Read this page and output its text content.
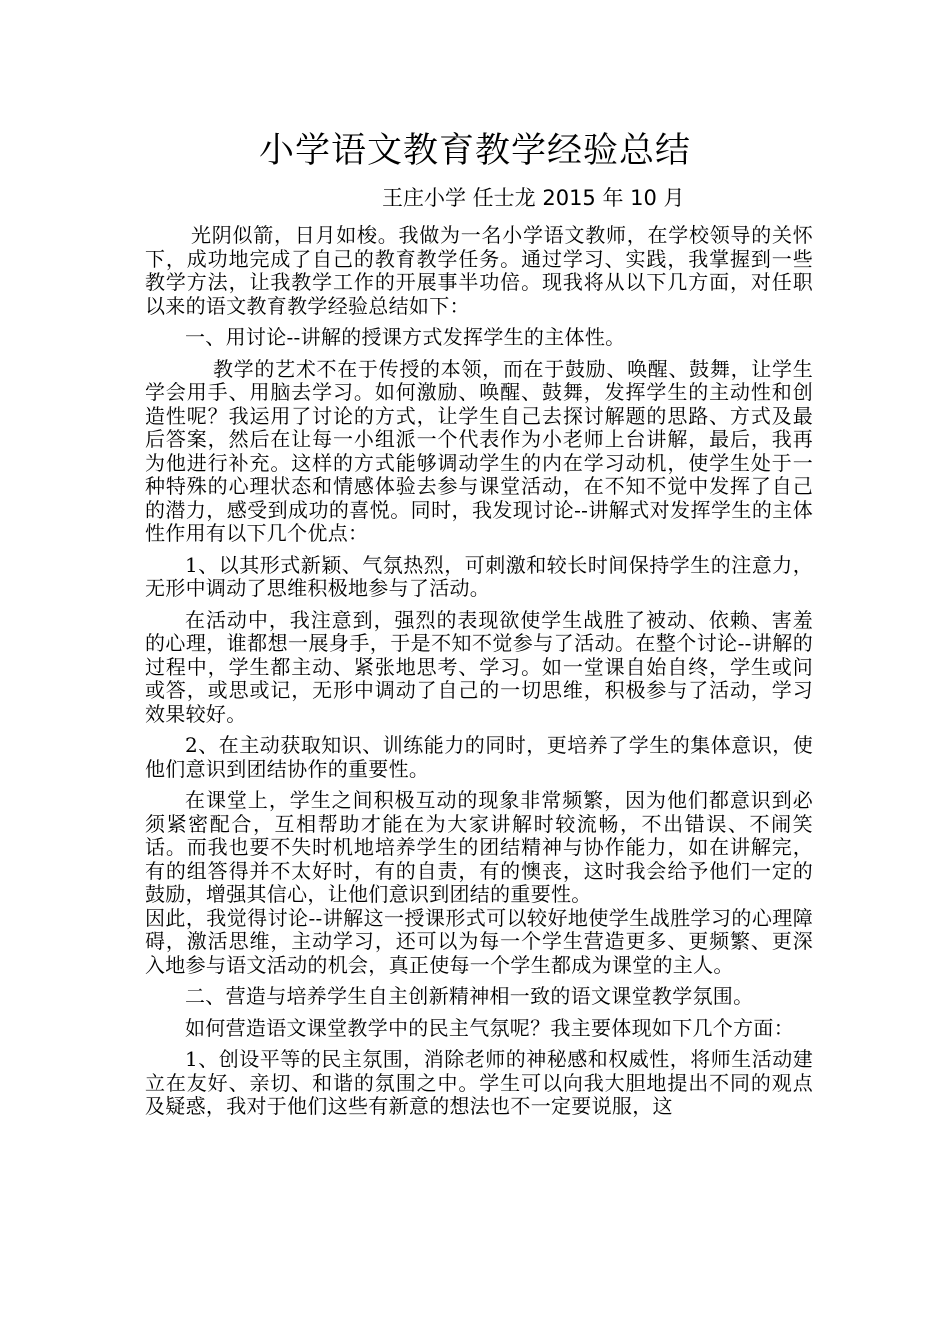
小学语文教育教学经验总结
王庄小学 任士龙 2015 年 10 月

光阴似箭，日月如梭。我做为一名小学语文教师，在学校领导的关怀下，成功地完成了自己的教育教学任务。通过学习、实践，我掌握到一些教学方法，让我教学工作的开展事半功倍。现我将从以下几方面，对任职以来的语文教育教学经验总结如下：

一、用讨论--讲解的授课方式发挥学生的主体性。

教学的艺术不在于传授的本领，而在于鼓励、唤醒、鼓舞，让学生学会用手、用脑去学习。如何激励、唤醒、鼓舞，发挥学生的主动性和创造性呢？我运用了讨论的方式，让学生自己去探讨解题的思路、方式及最后答案，然后在让每一小组派一个代表作为小老师上台讲解，最后，我再为他进行补充。这样的方式能够调动学生的内在学习动机，使学生处于一种特殊的心理状态和情感体验去参与课堂活动，在不知不觉中发挥了自己的潜力，感受到成功的喜悦。同时，我发现讨论--讲解式对发挥学生的主体性作用有以下几个优点：

1、以其形式新颖、气氛热烈，可刺激和较长时间保持学生的注意力，无形中调动了思维积极地参与了活动。

在活动中，我注意到，强烈的表现欲使学生战胜了被动、依赖、害羞的心理，谁都想一展身手，于是不知不觉参与了活动。在整个讨论--讲解的过程中，学生都主动、紧张地思考、学习。如一堂课自始自终，学生或问或答，或思或记，无形中调动了自己的一切思维，积极参与了活动，学习效果较好。

2、在主动获取知识、训练能力的同时，更培养了学生的集体意识，使他们意识到团结协作的重要性。

在课堂上，学生之间积极互动的现象非常频繁，因为他们都意识到必须紧密配合，互相帮助才能在为大家讲解时较流畅，不出错误、不闹笑话。而我也要不失时机地培养学生的团结精神与协作能力，如在讲解完，有的组答得并不太好时，有的自责，有的懊丧，这时我会给予他们一定的鼓励，增强其信心，让他们意识到团结的重要性。

因此，我觉得讨论--讲解这一授课形式可以较好地使学生战胜学习的心理障碍，激活思维，主动学习，还可以为每一个学生营造更多、更频繁、更深入地参与语文活动的机会，真正使每一个学生都成为课堂的主人。

二、营造与培养学生自主创新精神相一致的语文课堂教学氛围。

如何营造语文课堂教学中的民主气氛呢？我主要体现如下几个方面：

1、创设平等的民主氛围，消除老师的神秘感和权威性，将师生活动建立在友好、亲切、和谐的氛围之中。学生可以向我大胆地提出不同的观点及疑惑，我对于他们这些有新意的想法也不一定要说服，这
